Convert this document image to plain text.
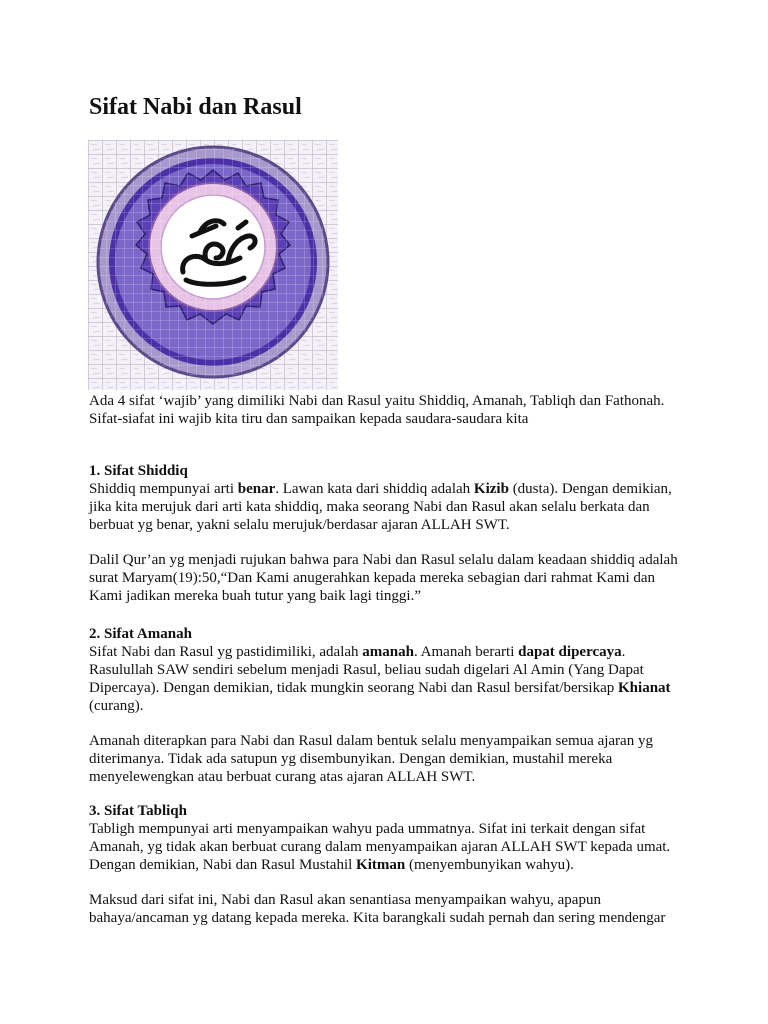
Sifat Nabi dan Rasul

Ada 4 sifat ‘wajib’ yang dimiliki Nabi dan Rasul yaitu Shiddiq, Amanah, Tabliqh dan Fathonah.

Sifat-siafat ini wajib kita tiru dan sampaikan kepada saudara-saudara kita

1. Sifat Shiddiq

Shiddiq mempunyai arti benar. Lawan kata dari shiddiq adalah Kizib (dusta). Dengan demikian, jika kita merujuk dari arti kata shiddiq, maka seorang Nabi dan Rasul akan selalu berkata dan berbuat yg benar, yakni selalu merujuk/berdasar ajaran ALLAH SWT.

Dalil Qur’an yg menjadi rujukan bahwa para Nabi dan Rasul selalu dalam keadaan shiddiq adalah surat Maryam(19):50,“Dan Kami anugerahkan kepada mereka sebagian dari rahmat Kami dan Kami jadikan mereka buah tutur yang baik lagi tinggi.”

2. Sifat Amanah

Sifat Nabi dan Rasul yg pastidimiliki, adalah amanah. Amanah berarti dapat dipercaya. Rasulullah SAW sendiri sebelum menjadi Rasul, beliau sudah digelari Al Amin (Yang Dapat Dipercaya). Dengan demikian, tidak mungkin seorang Nabi dan Rasul bersifat/bersikap Khianat (curang).

Amanah diterapkan para Nabi dan Rasul dalam bentuk selalu menyampaikan semua ajaran yg diterimanya. Tidak ada satupun yg disembunyikan. Dengan demikian, mustahil mereka menyelewengkan atau berbuat curang atas ajaran ALLAH SWT.

3. Sifat Tabliqh

Tabligh mempunyai arti menyampaikan wahyu pada ummatnya. Sifat ini terkait dengan sifat Amanah, yg tidak akan berbuat curang dalam menyampaikan ajaran ALLAH SWT kepada umat. Dengan demikian, Nabi dan Rasul Mustahil Kitman (menyembunyikan wahyu).

Maksud dari sifat ini, Nabi dan Rasul akan senantiasa menyampaikan wahyu, apapun bahaya/ancaman yg datang kepada mereka. Kita barangkali sudah pernah dan sering mendengar
